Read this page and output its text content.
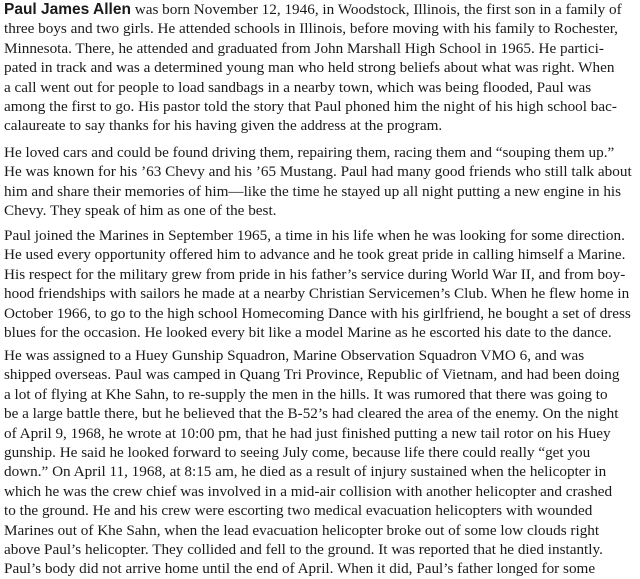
Paul James Allen was born November 12, 1946, in Woodstock, Illinois, the first son in a family of
three boys and two girls. He attended schools in Illinois, before moving with his family to Rochester,
Minnesota. There, he attended and graduated from John Marshall High School in 1965. He partici-
pated in track and was a determined young man who held strong beliefs about what was right. When
a call went out for people to load sandbags in a nearby town, which was being flooded, Paul was
among the first to go. His pastor told the story that Paul phoned him the night of his high school bac-
calaureate to say thanks for his having given the address at the program.
He loved cars and could be found driving them, repairing them, racing them and “souping them up.”
He was known for his ’63 Chevy and his ’65 Mustang. Paul had many good friends who still talk about
him and share their memories of him—like the time he stayed up all night putting a new engine in his
Chevy. They speak of him as one of the best.
Paul joined the Marines in September 1965, a time in his life when he was looking for some direction.
He used every opportunity offered him to advance and he took great pride in calling himself a Marine.
His respect for the military grew from pride in his father’s service during World War II, and from boy-
hood friendships with sailors he made at a nearby Christian Servicemen’s Club. When he flew home in
October 1966, to go to the high school Homecoming Dance with his girlfriend, he bought a set of dress
blues for the occasion. He looked every bit like a model Marine as he escorted his date to the dance.
He was assigned to a Huey Gunship Squadron, Marine Observation Squadron VMO 6, and was
shipped overseas. Paul was camped in Quang Tri Province, Republic of Vietnam, and had been doing
a lot of flying at Khe Sahn, to re-supply the men in the hills. It was rumored that there was going to
be a large battle there, but he believed that the B-52’s had cleared the area of the enemy. On the night
of April 9, 1968, he wrote at 10:00 pm, that he had just finished putting a new tail rotor on his Huey
gunship. He said he looked forward to seeing July come, because life there could really “get you
down.” On April 11, 1968, at 8:15 am, he died as a result of injury sustained when the helicopter in
which he was the crew chief was involved in a mid-air collision with another helicopter and crashed
to the ground. He and his crew were escorting two medical evacuation helicopters with wounded
Marines out of Khe Sahn, when the lead evacuation helicopter broke out of some low clouds right
above Paul’s helicopter. They collided and fell to the ground. It was reported that he died instantly.
Paul’s body did not arrive home until the end of April. When it did, Paul’s father longed for some
